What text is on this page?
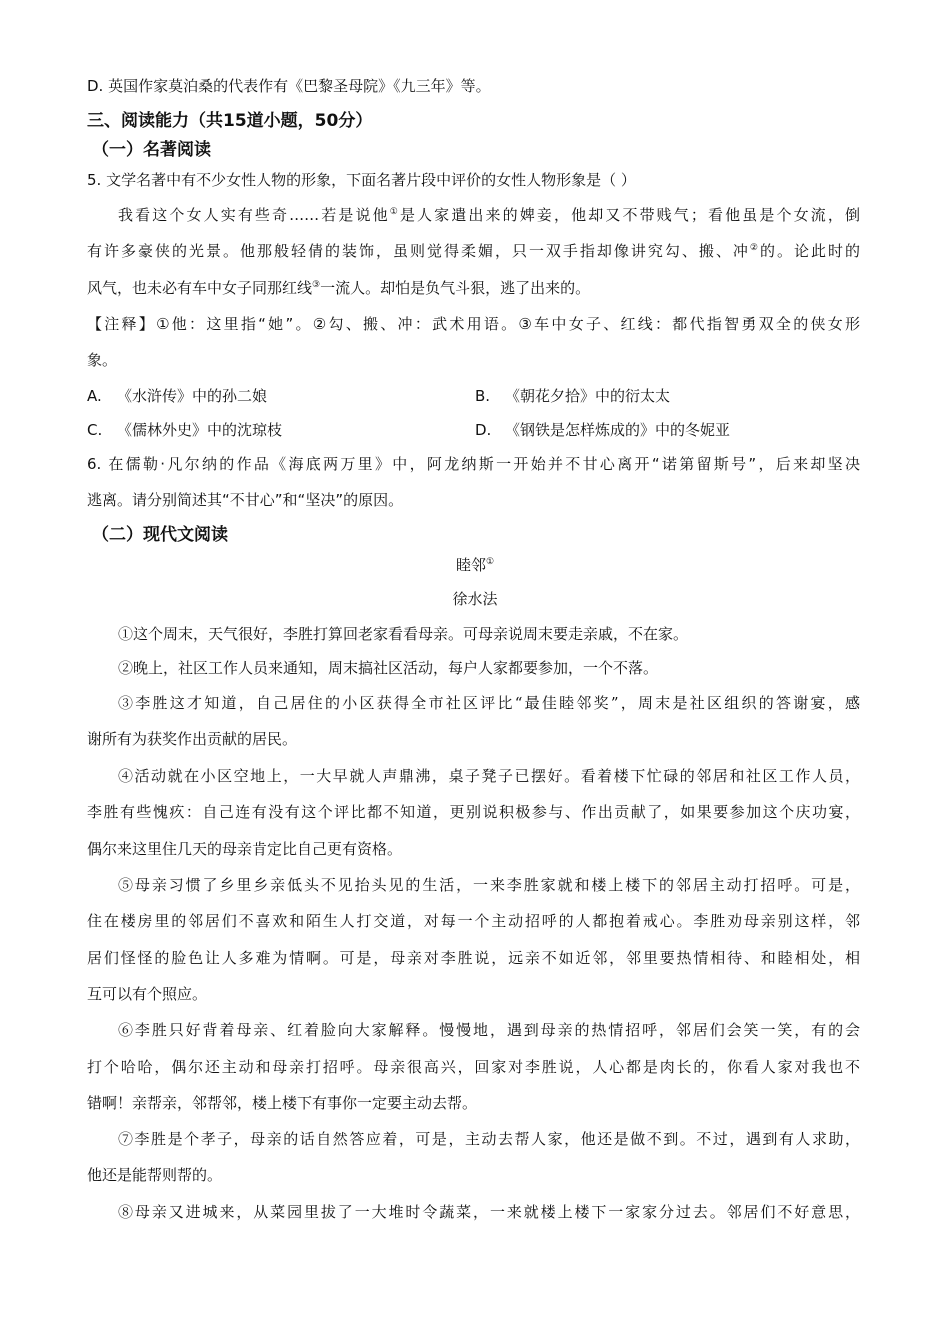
D. 英国作家莫泊桑的代表作有《巴黎圣母院》《九三年》等。
三、阅读能力（共15道小题，50分）
（一）名著阅读
5. 文学名著中有不少女性人物的形象，下面名著片段中评价的女性人物形象是（ ）
我看这个女人实有些奇……若是说他①是人家遣出来的婢妾，他却又不带贱气；看他虽是个女流，倒
有许多豪侠的光景。他那般轻倩的装饰，虽则觉得柔媚，只一双手指却像讲究勾、搬、冲②的。论此时的
风气，也未必有车中女子同那红线③一流人。却怕是负气斗狠，逃了出来的。
【注释】①他：这里指“她”。②勾、搬、冲：武术用语。③车中女子、红线：都代指智勇双全的侠女形
象。
A. 《水浒传》中的孙二娘	B. 《朝花夕拾》中的衍太太
C. 《儒林外史》中的沈琼枝	D. 《钢铁是怎样炼成的》中的冬妮亚
6. 在儒勒·凡尔纳的作品《海底两万里》中，阿龙纳斯一开始并不甘心离开“诺第留斯号”，后来却坚决
逃离。请分别简述其“不甘心”和“坚决”的原因。
（二）现代文阅读
睦邻①
徐水法
①这个周末，天气很好，李胜打算回老家看看母亲。可母亲说周末要走亲戚，不在家。
②晚上，社区工作人员来通知，周末搞社区活动，每户人家都要参加，一个不落。
③李胜这才知道，自己居住的小区获得全市社区评比“最佳睦邻奖”，周末是社区组织的答谢宴，感
谢所有为获奖作出贡献的居民。
④活动就在小区空地上，一大早就人声鼎沸，桌子凳子已摆好。看着楼下忙碌的邻居和社区工作人员，
李胜有些愧疚：自己连有没有这个评比都不知道，更别说积极参与、作出贡献了，如果要参加这个庆功宴，
偶尔来这里住几天的母亲肯定比自己更有资格。
⑤母亲习惯了乡里乡亲低头不见抬头见的生活，一来李胜家就和楼上楼下的邻居主动打招呼。可是，
住在楼房里的邻居们不喜欢和陌生人打交道，对每一个主动招呼的人都抱着戒心。李胜劝母亲别这样，邻
居们怪怪的脸色让人多难为情啊。可是，母亲对李胜说，远亲不如近邻，邻里要热情相待、和睦相处，相
互可以有个照应。
⑥李胜只好背着母亲、红着脸向大家解释。慢慢地，遇到母亲的热情招呼，邻居们会笑一笑，有的会
打个哈哈，偶尔还主动和母亲打招呼。母亲很高兴，回家对李胜说，人心都是肉长的，你看人家对我也不
错啊！亲帮亲，邻帮邻，楼上楼下有事你一定要主动去帮。
⑦李胜是个孝子，母亲的话自然答应着，可是，主动去帮人家，他还是做不到。不过，遇到有人求助，
他还是能帮则帮的。
⑧母亲又进城来，从菜园里拔了一大堆时令蔬菜，一来就楼上楼下一家家分过去。邻居们不好意思，
